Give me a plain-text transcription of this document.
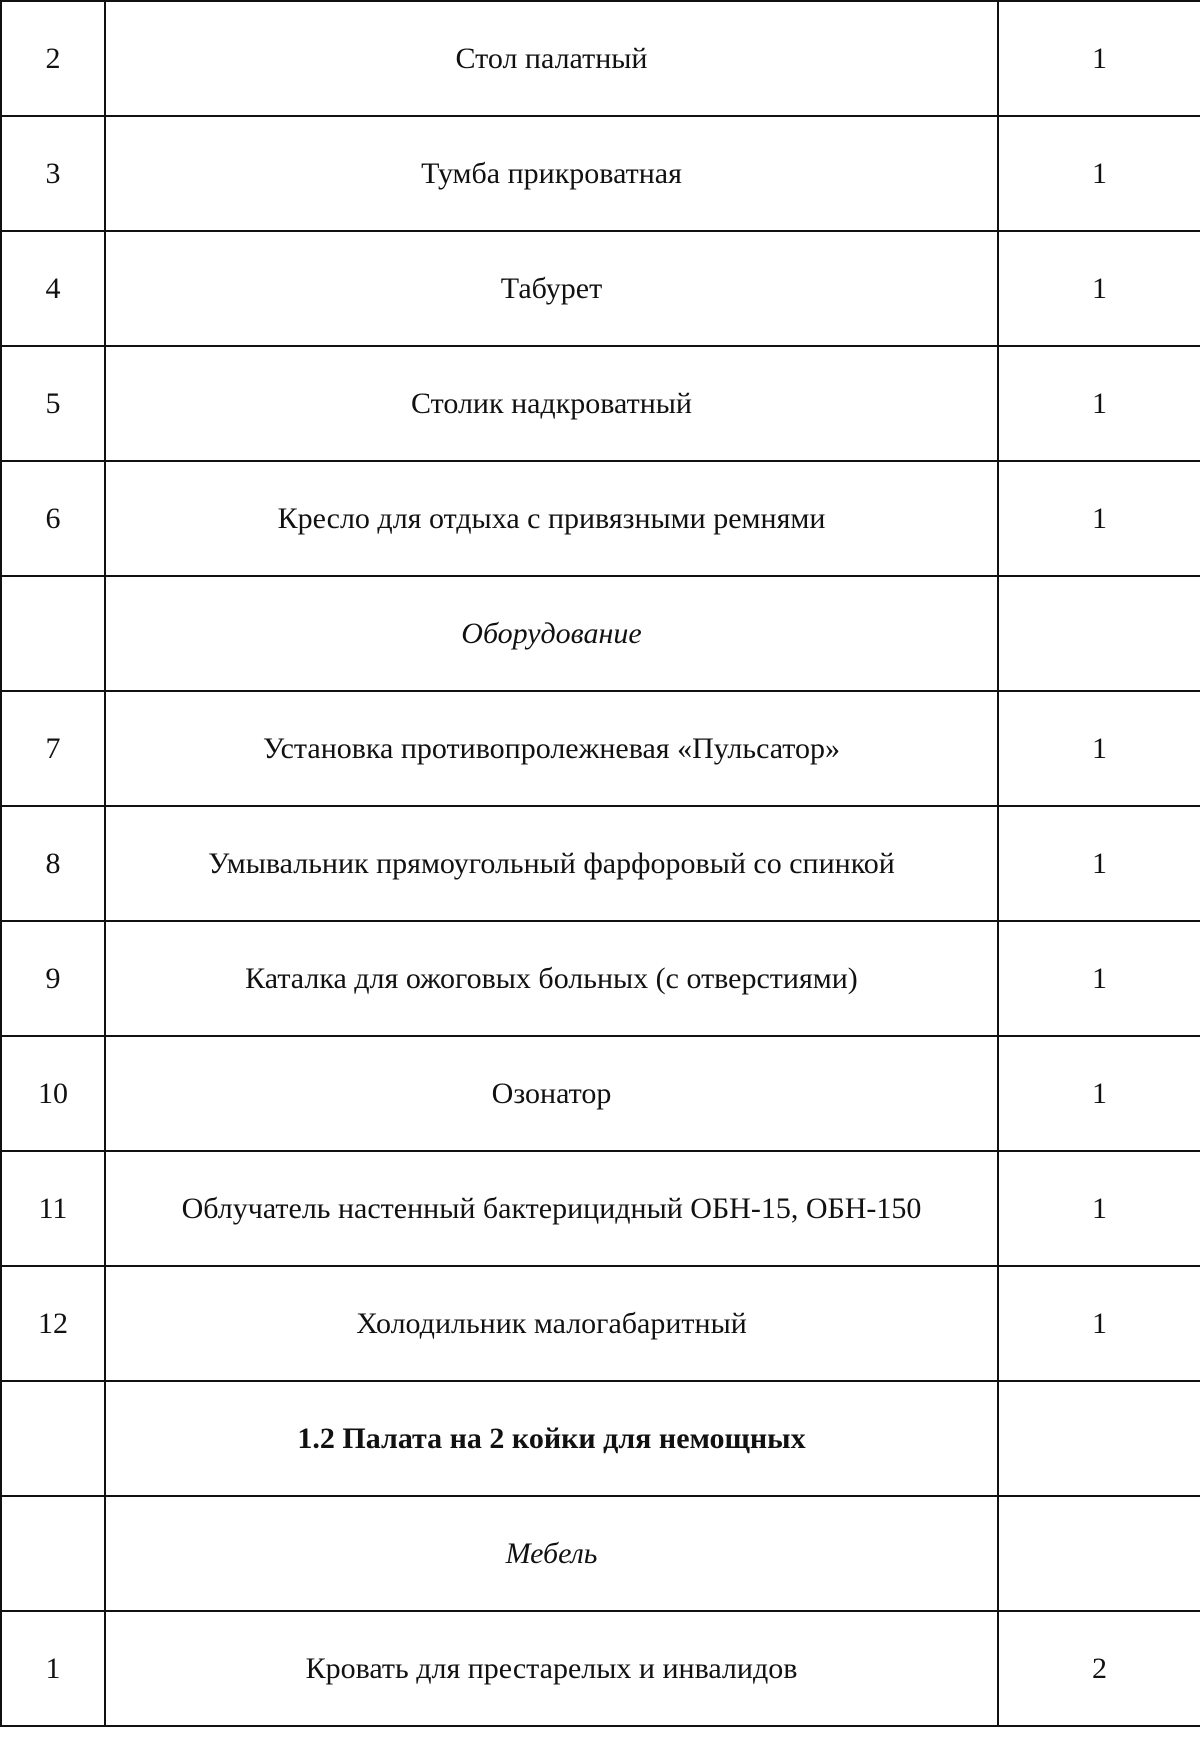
2	Стол палатный	1
3	Тумба прикроватная	1
4	Табурет	1
5	Столик надкроватный	1
6	Кресло для отдыха с привязными ремнями	1
	Оборудование	
7	Установка противопролежневая «Пульсатор»	1
8	Умывальник прямоугольный фарфоровый со спинкой	1
9	Каталка для ожоговых больных (с отверстиями)	1
10	Озонатор	1
11	Облучатель настенный бактерицидный ОБН-15, ОБН-150	1
12	Холодильник малогабаритный	1
	1.2 Палата на 2 койки для немощных	
	Мебель	
1	Кровать для престарелых и инвалидов	2
